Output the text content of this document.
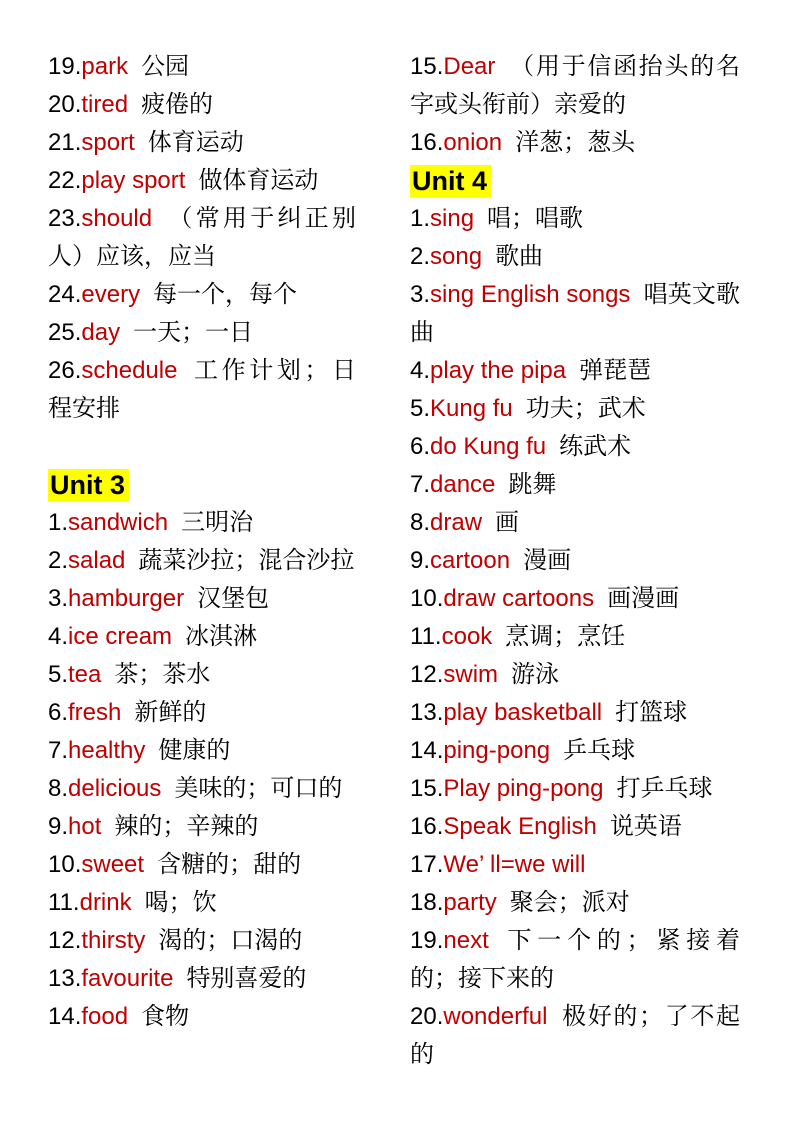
19.park 公园

20.tired 疲倦的

21.sport 体育运动

22.play sport 做体育运动

23.should （常用于纠正别人）应该，应当

24.every 每一个，每个

25.day 一天；一日

26.schedule 工作计划；日程安排

Unit 3

1.sandwich 三明治

2.salad 蔬菜沙拉；混合沙拉

3.hamburger 汉堡包

4.ice cream 冰淇淋

5.tea 茶；茶水

6.fresh 新鲜的

7.healthy 健康的

8.delicious 美味的；可口的

9.hot 辣的；辛辣的

10.sweet 含糖的；甜的

11.drink 喝；饮

12.thirsty 渴的；口渴的

13.favourite 特别喜爱的

14.food 食物

15.Dear （用于信函抬头的名字或头衔前）亲爱的

16.onion 洋葱；葱头

Unit 4

1.sing 唱；唱歌

2.song 歌曲

3.sing English songs 唱英文歌曲

4.play the pipa 弹琵琶

5.Kung fu 功夫；武术

6.do Kung fu 练武术

7.dance 跳舞

8.draw 画

9.cartoon 漫画

10.draw cartoons 画漫画

11.cook 烹调；烹饪

12.swim 游泳

13.play basketball 打篮球

14.ping-pong 乒乓球

15.Play ping-pong 打乒乓球

16.Speak English 说英语

17.We’ ll=we will

18.party 聚会；派对

19.next 下一个的；紧接着的；接下来的

20.wonderful 极好的；了不起的
